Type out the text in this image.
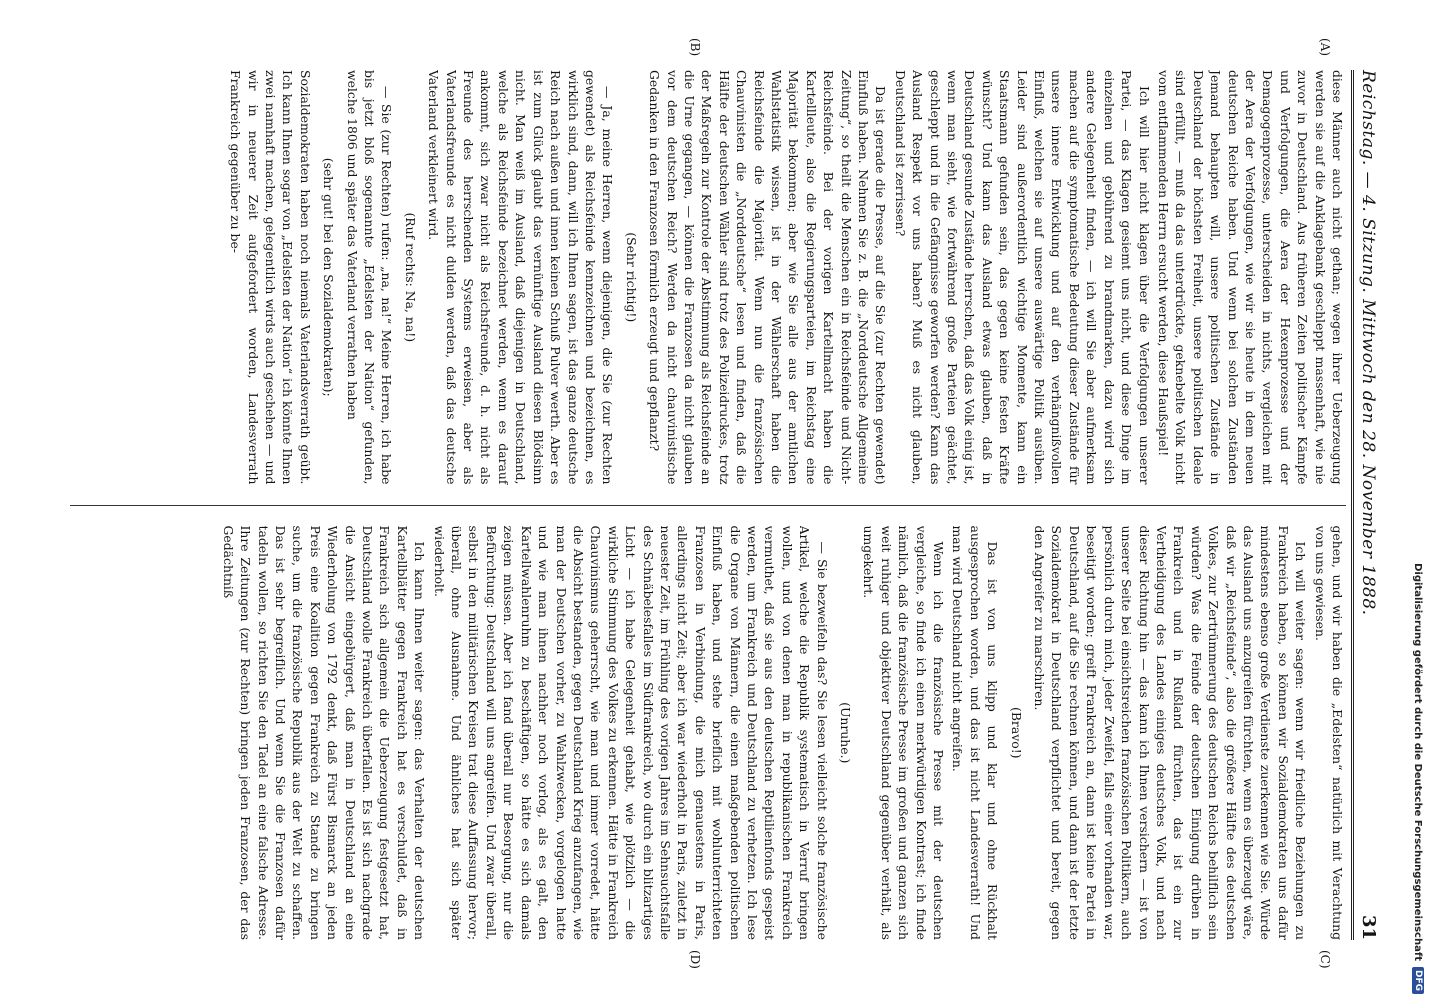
Reichstag. — 4. Sitzung. Mittwoch den 28. November 1888.
31
(A)
(B)
(C)
(D)

diese Männer auch nicht gethan; wegen ihrer Ueberzeugung werden sie auf die Anklagebank geschleppt massenhaft, wie nie zuvor in Deutschland. Aus früheren Zeiten politischer Kämpfe und Verfolgungen, die Aera der Hexenprozesse und der Demagogenprozesse, unterscheiden in nichts, vergleichen mit der Aera der Verfolgungen, wie wir sie heute in dem neuen deutschen Reiche haben. Und wenn bei solchen Zuständen Jemand behaupten will, unsere politischen Zustände in Deutschland der höchsten Freiheit, unsere politischen Ideale sind erfüllt, — muß da das unterdrückte, geknebelte Volk nicht vom entflammenden Herrn ersucht werden, diese Haußspiel!

Ich will hier nicht klagen über die Verfolgungen unserer Partei, — das Klagen gesiemt uns nicht, und diese Dinge im einzelnen und gebührend zu brandmarken, dazu wird sich andere Gelegenheit finden, — ich will Sie aber aufmerksam machen auf die symptomatische Bedeutung dieser Zustände für unsere innere Entwicklung und auf den verhängnißvollen Einfluß, welchen sie auf unsere auswärtige Politik ausüben. Leider sind außerordentlich wichtige Momente, kann ein Staatsmann gefunden sein, das gegen keine festen Kräfte wünscht? Und kann das Ausland etwas glauben, daß in Deutschland gesunde Zustände herrschen, daß das Volk einig ist, wenn man sieht, wie fortwährend große Parteien geächtet, geschleppt und in die Gefängnisse geworfen werden? Kann das Ausland Respekt vor uns haben? Muß es nicht glauben, Deutschland ist zerrissen?

Da ist gerade die Presse, auf die Sie (zur Rechten gewendet) Einfluß haben. Nehmen Sie z. B. die „Norddeutsche Allgemeine Zeitung“, so theilt die Menschen ein in Reichsfeinde und Nicht-Reichsfeinde. Bei der vorigen Kartellmacht haben die Kartellleute, also die Regierungsparteien, im Reichstag eine Majorität bekommen; aber wie Sie alle aus der amtlichen Wahlstatistik wissen, ist in der Wählerschaft haben die Reichsfeinde die Majorität. Wenn nun die französischen Chauvinisten die „Norddeutsche“ lesen und finden, daß die Hälfte der deutschen Wähler sind trotz des Polizeidruckes, trotz der Maßregeln zur Kontrole der Abstimmung als Reichsfeinde an die Urne gegangen, — können die Franzosen da nicht glauben vor dem deutschen Reich? Werden da nicht chauvinistische Gedanken in den Franzosen förmlich erzeugt und gepflanzt?

(Sehr richtig!)

— Ja, meine Herren, wenn diejenigen, die Sie (zur Rechten gewendet) als Reichsfeinde kennzeichnen und bezeichnen, es wirklich sind, dann, will ich Ihnen sagen, ist das ganze deutsche Reich nach außen und innen keinen Schuß Pulver werth. Aber es ist zum Glück glaubt das vernünftige Ausland diesen Blödsinn nicht. Man weiß im Ausland, daß diejenigen in Deutschland, welche als Reichsfeinde bezeichnet werden, wenn es darauf ankommt, sich zwar nicht als Reichsfreunde, d. h. nicht als Freunde des herrschenden Systems erweisen, aber als Vaterlandsfreunde es nicht dulden werden, daß das deutsche Vaterland verkleinert wird.

(Ruf rechts: Na, na!)

— Sie (zur Rechten) rufen: „na, na!“ Meine Herren, ich habe bis jetzt bloß sogenannte „Edelsten der Nation“ gefunden, welche 1806 und später das Vaterland verrathen haben

(sehr gut! bei den Sozialdemokraten);

Sozialdemokraten haben noch niemals Vaterlandsverrath geübt. Ich kann Ihnen sogar von „Edelsten der Nation“ ich könnte Ihnen zwei namhaft machen, gelegentlich wirds auch geschehen — und wir in neuerer Zeit aufgefordert worden, Landesverrath Frankreich gegenüber zu be-

gehen, und wir haben die „Edelsten“ natürlich mit Verachtung von uns gewiesen.

Ich will weiter sagen: wenn wir friedliche Beziehungen zu Frankreich haben, so können wir Sozialdemokraten uns dafür mindestens ebenso große Verdienste zuerkennen wie Sie. Würde das Ausland uns anzugreifen fürchten, wenn es überzeugt wäre, daß wir „Reichsfeinde“, also die größere Hälfte des deutschen Volkes, zur Zertrümmerung des deutschen Reichs behilflich sein würden? Was die Feinde der deutschen Einigung drüben in Frankreich und in Rußland fürchten, das ist ein zur Vertheidigung des Landes einiges deutsches Volk, und nach dieser Richtung hin — das kann ich Ihnen versichern — ist von unserer Seite bei einsichtsreichen französischen Politikern, auch persönlich durch mich, jeder Zweifel, falls einer vorhanden war, beseitigt worden; greift Frankreich an, dann ist keine Partei in Deutschland, auf die Sie rechnen können, und dann ist der letzte Sozialdemokrat in Deutschland verpflichtet und bereit, gegen den Angreifer zu marschiren.

(Bravo!)

Das ist von uns klipp und klar und ohne Rückhalt ausgesprochen worden, und das ist nicht Landesverrath! Und man wird Deutschland nicht angreifen.

Wenn ich die französische Presse mit der deutschen vergleiche, so finde ich einen merkwürdigen Kontrast; ich finde nämlich, daß die französische Presse im großen und ganzen sich weit ruhiger und objektiver Deutschland gegenüber verhält, als umgekehrt.

(Unruhe.)

— Sie bezweifeln das? Sie lesen vielleicht solche französische Artikel, welche die Republik systematisch in Verruf bringen wollen, und von denen man in republikanischen Frankreich vermuthet, daß sie aus den deutschen Reptilienfonds gespeist werden, um Frankreich und Deutschland zu verhetzen. Ich lese die Organe von Männern, die einen maßgebenden politischen Einfluß haben, und stehe brieflich mit wohlunterrichteten Franzosen in Verbindung, die mich genauestens in Paris, allerdings nicht Zeit; aber ich war wiederholt in Paris, zuletzt in neuester Zeit, im Frühling des vorigen Jahres im Sehnsuchtsfalle des Schnäbelesfalles im Südfrankreich, wo durch ein blitzartiges Licht — ich habe Gelegenheit gehabt, wie plötzlich — die wirkliche Stimmung des Volkes zu erkennen. Hätte in Frankreich Chauvinismus geherrscht, wie man und immer vorredet, hätte die Absicht bestanden, gegen Deutschland Krieg anzufangen, wie man der Deutschen vorher, zu Wahlzwecken, vorgelogen hatte und wie man ihnen nachher noch vorlog, als es galt, den Kartellwahlenruhm zu beschäftigen, so hätte es sich damals zeigen müssen. Aber ich fand überall nur Besorgung, nur die Befürchtung: Deutschland will uns angreifen. Und zwar überall, selbst in den militärischen Kreisen trat diese Auffassung hervor; überall, ohne Ausnahme. Und ähnliches hat sich später wiederholt.

Ich kann Ihnen weiter sagen: das Verhalten der deutschen Kartellblätter gegen Frankreich hat es verschuldet, daß in Frankreich sich allgemein die Ueberzeugung festgesetzt hat, Deutschland wolle Frankreich überfallen. Es ist sich nachgrade die Ansicht eingebürgert, daß man in Deutschland an eine Wiederholung von 1792 denkt, daß Fürst Bismarck an jeden Preis eine Koalition gegen Frankreich zu Stande zu bringen suche, um die französische Republik aus der Welt zu schaffen. Das ist sehr begreiflich. Und wenn Sie die Franzosen dafür tadeln wollen, so richten Sie den Tadel an eine falsche Adresse. Ihre Zeitungen (zur Rechten) bringen jeden Franzosen, der das Gedächtniß

Digitalisierung gefördert durch die Deutsche Forschungsgemeinschaft
DFG
